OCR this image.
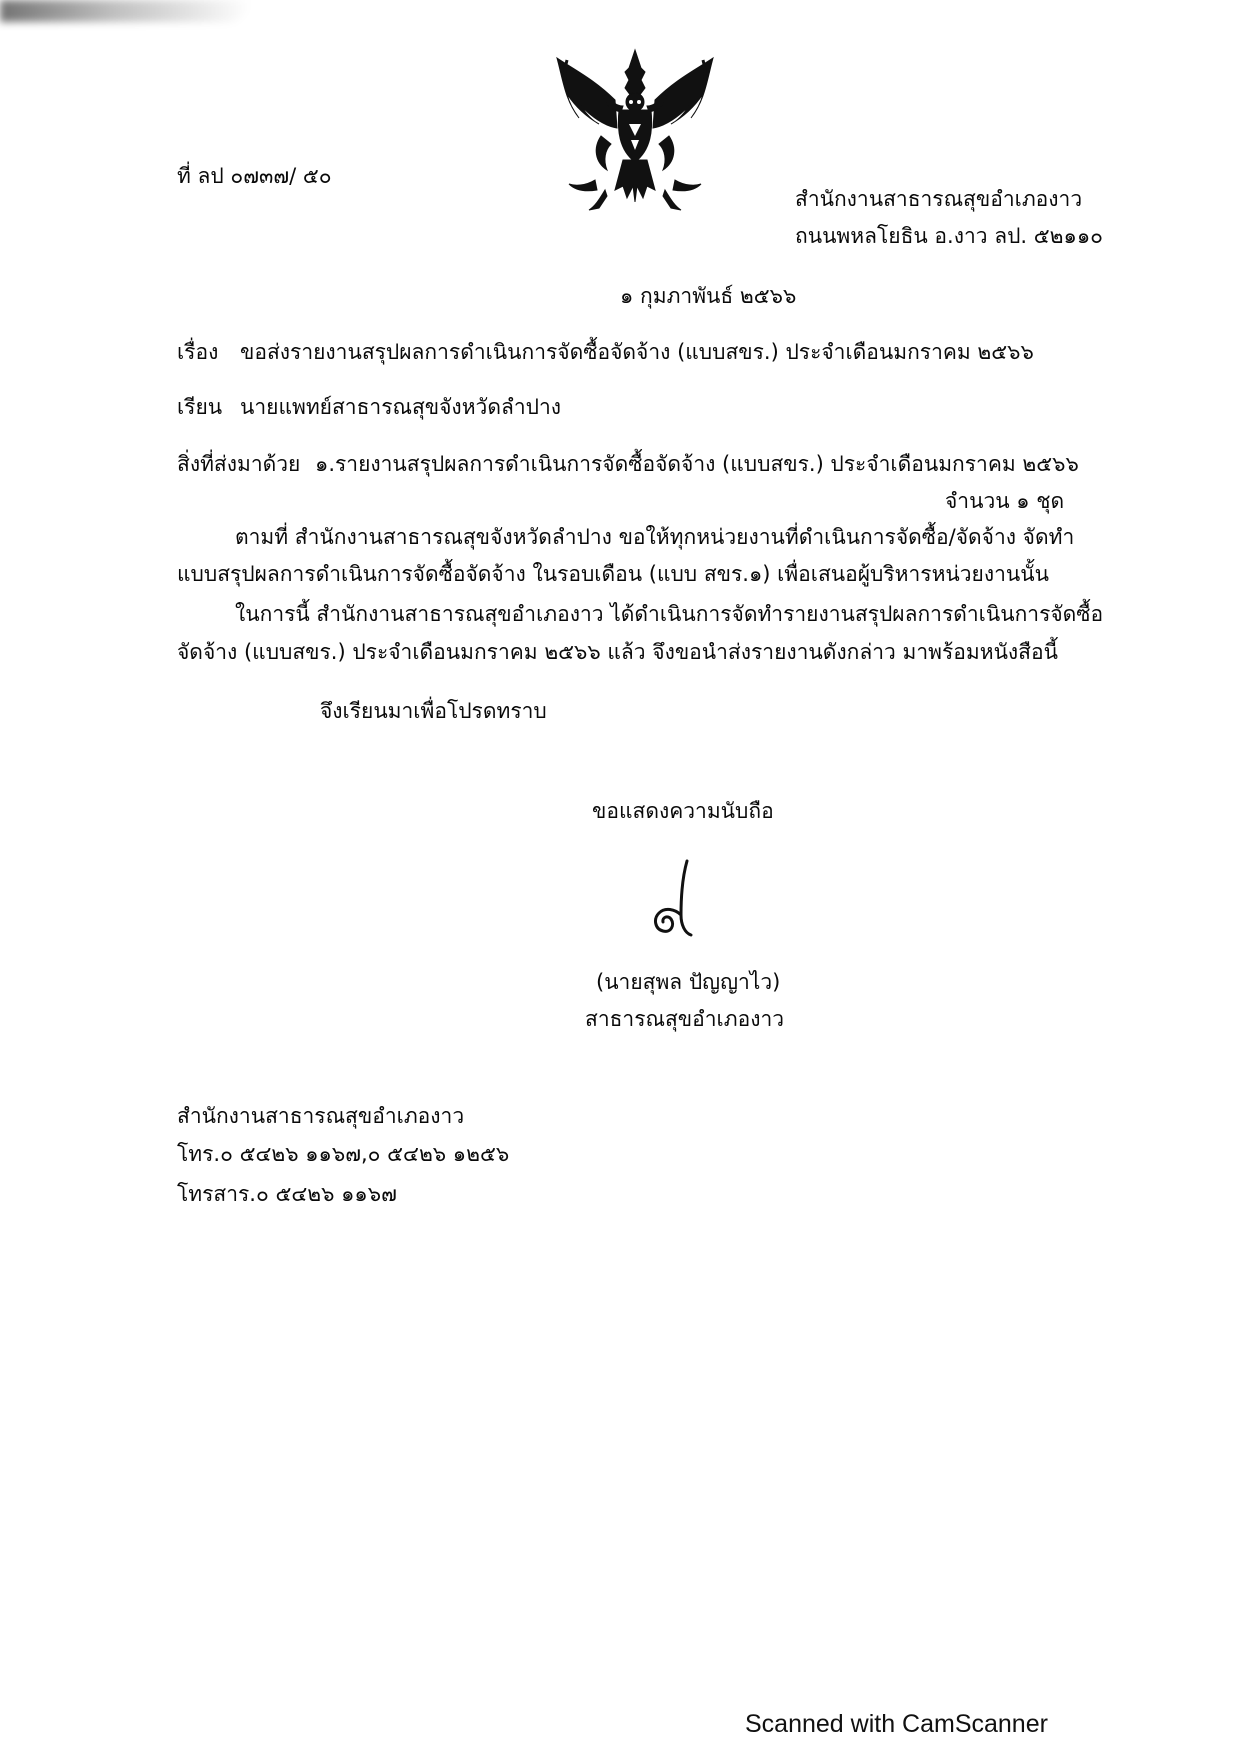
ที่ ลป ๐๗๓๗/ ๕๐
สำนักงานสาธารณสุขอำเภองาว
ถนนพหลโยธิน อ.งาว ลป. ๕๒๑๑๐
๑ กุมภาพันธ์ ๒๕๖๖
เรื่อง ขอส่งรายงานสรุปผลการดำเนินการจัดซื้อจัดจ้าง (แบบสขร.) ประจำเดือนมกราคม ๒๕๖๖
เรียน นายแพทย์สาธารณสุขจังหวัดลำปาง
สิ่งที่ส่งมาด้วย ๑.รายงานสรุปผลการดำเนินการจัดซื้อจัดจ้าง (แบบสขร.) ประจำเดือนมกราคม ๒๕๖๖
จำนวน ๑ ชุด
ตามที่ สำนักงานสาธารณสุขจังหวัดลำปาง ขอให้ทุกหน่วยงานที่ดำเนินการจัดซื้อ/จัดจ้าง จัดทำ
แบบสรุปผลการดำเนินการจัดซื้อจัดจ้าง ในรอบเดือน (แบบ สขร.๑) เพื่อเสนอผู้บริหารหน่วยงานนั้น
ในการนี้ สำนักงานสาธารณสุขอำเภองาว ได้ดำเนินการจัดทำรายงานสรุปผลการดำเนินการจัดซื้อ
จัดจ้าง (แบบสขร.) ประจำเดือนมกราคม ๒๕๖๖ แล้ว จึงขอนำส่งรายงานดังกล่าว มาพร้อมหนังสือนี้
จึงเรียนมาเพื่อโปรดทราบ
ขอแสดงความนับถือ
(นายสุพล ปัญญาไว)
สาธารณสุขอำเภองาว
สำนักงานสาธารณสุขอำเภองาว
โทร.๐ ๕๔๒๖ ๑๑๖๗,๐ ๕๔๒๖ ๑๒๕๖
โทรสาร.๐ ๕๔๒๖ ๑๑๖๗
Scanned with CamScanner
